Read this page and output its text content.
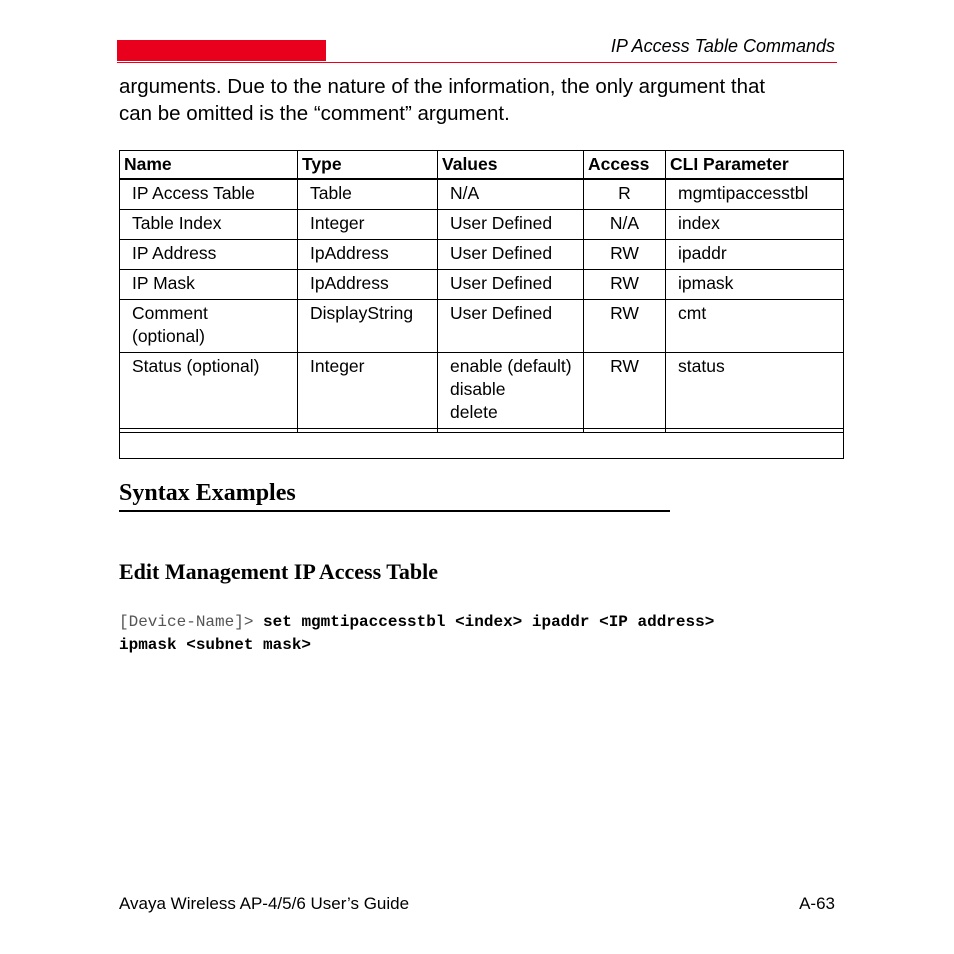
IP Access Table Commands

arguments. Due to the nature of the information, the only argument that

can be omitted is the “comment” argument.

Name	Type	Values	Access	CLI Parameter
IP Access Table	Table	N/A	R	mgmtipaccesstbl
Table Index	Integer	User Defined	N/A	index
IP Address	IpAddress	User Defined	RW	ipaddr
IP Mask	IpAddress	User Defined	RW	ipmask

Comment
(optional)	DisplayString	User Defined	RW	cmt
Status (optional)	Integer	enable (default)
disable
delete	RW	status

Syntax Examples
Edit Management IP Access Table
[Device-Name]> set mgmtipaccesstbl <index> ipaddr <IP address>
ipmask <subnet mask>
Avaya Wireless AP-4/5/6 User’s Guide	A-63
